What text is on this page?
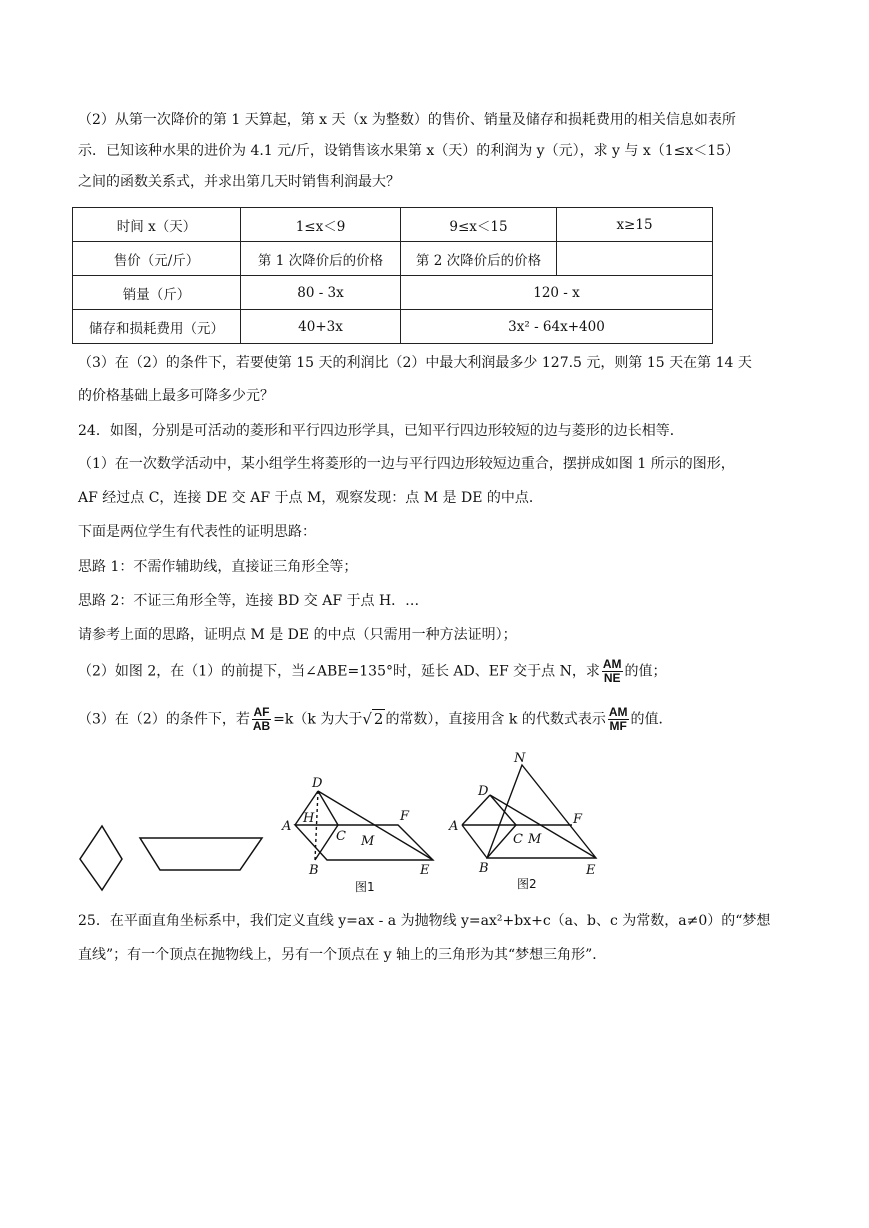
（2）从第一次降价的第 1 天算起，第 x 天（x 为整数）的售价、销量及储存和损耗费用的相关信息如表所
示．已知该种水果的进价为 4.1 元/斤，设销售该水果第 x（天）的利润为 y（元），求 y 与 x（1≤x＜15）
之间的函数关系式，并求出第几天时销售利润最大？
时间 x（天）	1≤x＜9	9≤x＜15	x≥15
售价（元/斤）	第 1 次降价后的价格	第 2 次降价后的价格	
销量（斤）	80 - 3x	120 - x	
储存和损耗费用（元）	40+3x	3x² - 64x+400	
（3）在（2）的条件下，若要使第 15 天的利润比（2）中最大利润最多少 127.5 元，则第 15 天在第 14 天
的价格基础上最多可降多少元？
24．如图，分别是可活动的菱形和平行四边形学具，已知平行四边形较短的边与菱形的边长相等．
（1）在一次数学活动中，某小组学生将菱形的一边与平行四边形较短边重合，摆拼成如图 1 所示的图形，
AF 经过点 C，连接 DE 交 AF 于点 M，观察发现：点 M 是 DE 的中点．
下面是两位学生有代表性的证明思路：
思路 1：不需作辅助线，直接证三角形全等；
思路 2：不证三角形全等，连接 BD 交 AF 于点 H．…
请参考上面的思路，证明点 M 是 DE 的中点（只需用一种方法证明）；
（2）如图 2，在（1）的前提下，当∠ABE=135°时，延长 AD、EF 交于点 N，求 $\frac{AM}{NE}$ 的值；
（3）在（2）的条件下，若 $\frac{AF}{AB} =k(k$ 为大于√ 2 的常数），直接用含 k 的代数式表示 $\frac{AM}{MF}$ 的值．
D
H
A
C M
F
B	E
图1
N
D
A
C M
F
B	E
图2
25．在平面直角坐标系中，我们定义直线 y=ax - a 为抛物线 y=ax²+bx+c（a、b、c 为常数，a≠0）的“梦想
直线”；有一个顶点在抛物线上，另有一个顶点在 y 轴上的三角形为其“梦想三角形”．
